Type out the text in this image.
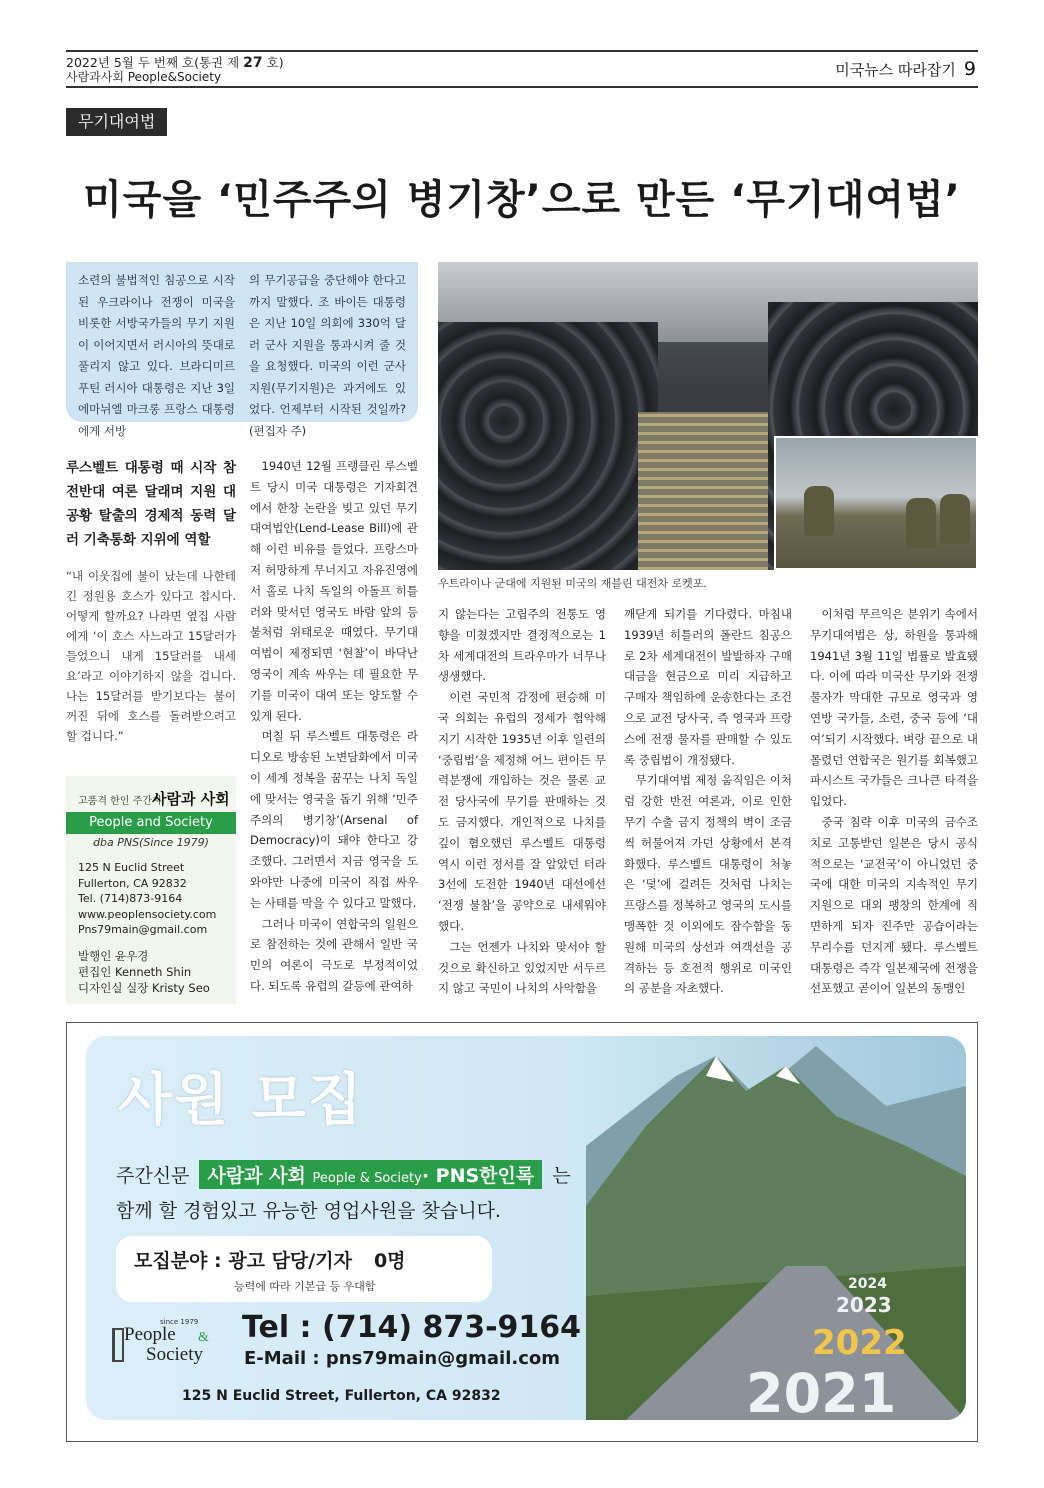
2022년 5월 두 번째 호(통권 제 27 호)
사람과사회 People&Society	미국뉴스 따라잡기 9
무기대여법
미국을 ‘민주주의 병기창’으로 만든 ‘무기대여법’
소련의 불법적인 침공으로 시작된 우크라이나 전쟁이 미국을 비롯한 서방국가들의 무기 지원이 이어지면서 러시아의 뜻대로 풀리지 않고 있다. 브라디미르 푸틴 러시아 대통령은 지난 3일 에마뉘엘 마크롱 프랑스 대통령에게 서방
의 무기공급을 중단해야 한다고 까지 말했다. 조 바이든 대통령은 지난 10일 의회에 330억 달러 군사 지원을 통과시켜 줄 것을 요청했다. 미국의 이런 군사지원(무기지원)은 과거에도 있었다. 언제부터 시작된 것일까? (편집자 주)
우트라이나 군대에 지원된 미국의 재블린 대전차 로켓포.
루스벨트 대통령 때 시작 참전반대 여론 달래며 지원 대공황 탈출의 경제적 동력 달러 기축통화 지위에 역할
“내 이웃집에 불이 났는데 나한테 긴 정원용 호스가 있다고 칩시다. 어떻게 할까요? 나라면 옆집 사람에게 ‘이 호스 사느라고 15달러가 들었으니 내게 15달러를 내세요’라고 이야기하지 않을 겁니다. 나는 15달러를 받기보다는 불이 꺼진 뒤에 호스를 돌려받으려고 할 겁니다.”

1940년 12월 프랭클린 루스벨트 당시 미국 대통령은 기자회견에서 한창 논란을 빚고 있던 무기대여법안(Lend-Lease Bill)에 관해 이런 비유를 들었다. 프랑스마저 허망하게 무너지고 자유진영에서 홀로 나치 독일의 아돌프 히틀러와 맞서던 영국도 바람 앞의 등불처럼 위태로운 때였다. 무기대여법이 제정되면 ‘현찰’이 바닥난 영국이 계속 싸우는 데 필요한 무기를 미국이 대여 또는 양도할 수 있게 된다.

며칠 뒤 루스벨트 대통령은 라디오로 방송된 노변담화에서 미국이 세계 정복을 꿈꾸는 나치 독일에 맞서는 영국을 돕기 위해 ‘민주주의의 병기창’(Arsenal of Democracy)이 돼야 한다고 강조했다. 그러면서 지금 영국을 도와야만 나중에 미국이 직접 싸우는 사태를 막을 수 있다고 말했다.

그러나 미국이 연합국의 일원으로 참전하는 것에 관해서 일반 국민의 여론이 극도로 부정적이었다. 되도록 유럽의 갈등에 관여하

지 않는다는 고립주의 전통도 영향을 미쳤겠지만 결정적으로는 1차 세계대전의 트라우마가 너무나 생생했다.

이런 국민적 감정에 편승해 미국 의회는 유럽의 정세가 험악해지기 시작한 1935년 이후 일련의 ‘중립법’을 제정해 어느 편이든 무력분쟁에 개입하는 것은 물론 교전 당사국에 무기를 판매하는 것도 금지했다. 개인적으로 나치를 깊이 혐오했던 루스벨트 대통령 역시 이런 정서를 잘 알았던 터라 3선에 도전한 1940년 대선에선 ‘전쟁 불참’을 공약으로 내세워야 했다.

그는 언젠가 나치와 맞서야 할 것으로 확신하고 있었지만 서두르지 않고 국민이 나치의 사악함을

깨닫게 되기를 기다렸다. 마침내 1939년 히틀러의 폴란드 침공으로 2차 세계대전이 발발하자 구매대금을 현금으로 미리 지급하고 구매자 책임하에 운송한다는 조건으로 교전 당사국, 즉 영국과 프랑스에 전쟁 물자를 판매할 수 있도록 중립법이 개정됐다.

무기대여법 제정 움직임은 이처럼 강한 반전 여론과, 이로 인한 무기 수출 금지 정책의 벽이 조금씩 허물어져 가던 상황에서 본격화했다. 루스벨트 대통령이 처놓은 ‘덫’에 걸려든 것처럼 나치는 프랑스를 정복하고 영국의 도시를 맹폭한 것 이외에도 잠수함을 동원해 미국의 상선과 여객선을 공격하는 등 호전적 행위로 미국인의 공분을 자초했다.

이처럼 무르익은 분위기 속에서 무기대여법은 상, 하원을 통과해 1941년 3월 11일 법률로 발효됐다. 이에 따라 미국산 무기와 전쟁 물자가 막대한 규모로 영국과 영연방 국가들, 소련, 중국 등에 ‘대여’되기 시작했다. 벼랑 끝으로 내몰렸던 연합국은 원기를 회복했고 파시스트 국가들은 크나큰 타격을 입었다.

중국 침략 이후 미국의 금수조치로 고통받던 일본은 당시 공식적으로는 ‘교전국’이 아니었던 중국에 대한 미국의 지속적인 무기 지원으로 대외 팽창의 한계에 직면하게 되자 진주만 공습이라는 무리수를 던지게 됐다. 루스벨트 대통령은 즉각 일본제국에 전쟁을 선포했고 곧이어 일본의 동맹인

고품격 한인 주간지
사람과 사회
People and Society
dba PNS(Since 1979)
125 N Euclid Street
Fullerton, CA 92832
Tel. (714)873-9164
www.peoplensociety.com
Pns79main@gmail.com
발행인 윤우경
편집인 Kenneth Shin
디자인실 실장 Kristy Seo
2024
2023
2022
2021
사원 모집
주간신문 사람과 사회 People & Society· PNS한인록 는
함께 할 경험있고 유능한 영업사원을 찾습니다.
모집분야 : 광고 담당/기자 0명
능력에 따라 기본급 등 우대함
since 1979
People &
Society
Tel : (714) 873-9164
E-Mail : pns79main@gmail.com
125 N Euclid Street, Fullerton, CA 92832
